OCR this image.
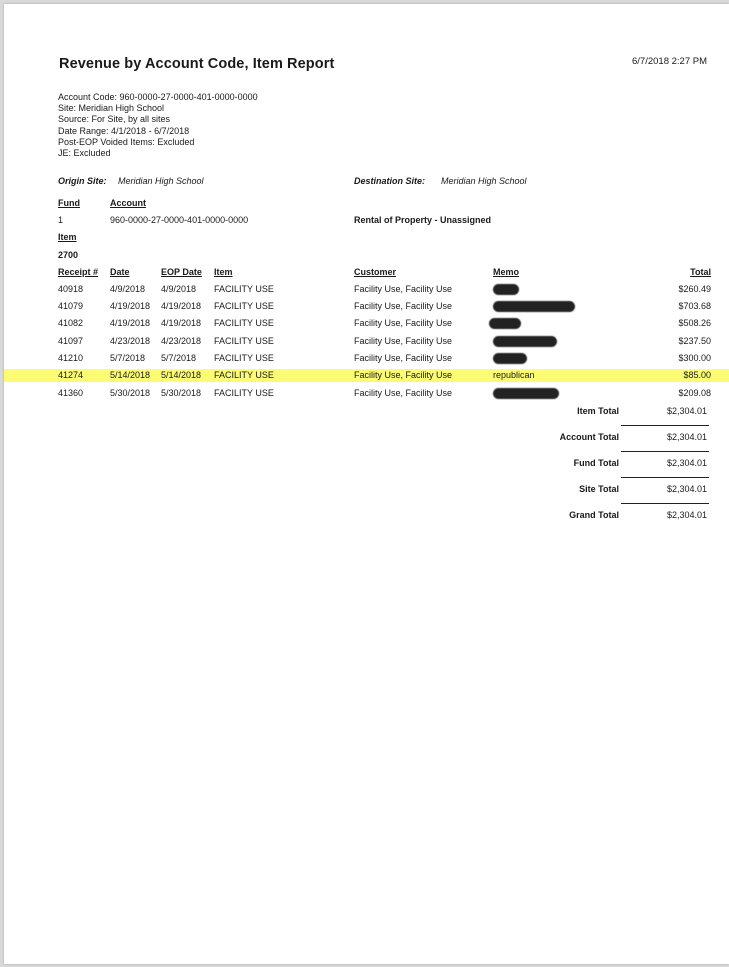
Revenue by Account Code, Item Report	6/7/2018 2:27 PM
Account Code: 960-0000-27-0000-401-0000-0000
Site: Meridian High School
Source: For Site, by all sites
Date Range: 4/1/2018 - 6/7/2018
Post-EOP Voided Items: Excluded
JE: Excluded
Origin Site: Meridian High School	Destination Site: Meridian High School
Fund	Account
1	960-0000-27-0000-401-0000-0000	Rental of Property - Unassigned
Item
2700
Receipt # Date	EOP Date Item	Customer	Memo	Total
40918	4/9/2018 4/9/2018 FACILITY USE	Facility Use, Facility Use	$260.49
41079	4/19/2018 4/19/2018 FACILITY USE	Facility Use, Facility Use	$703.68
41082	4/19/2018 4/19/2018 FACILITY USE	Facility Use, Facility Use	$508.26
41097	4/23/2018 4/23/2018 FACILITY USE	Facility Use, Facility Use	$237.50
41210	5/7/2018 5/7/2018 FACILITY USE	Facility Use, Facility Use	$300.00
41274	5/14/2018 5/14/2018 FACILITY USE	Facility Use, Facility Use	republican	$85.00
41360	5/30/2018 5/30/2018 FACILITY USE	Facility Use, Facility Use	$209.08
Item Total	$2,304.01
Account Total	$2,304.01
Fund Total	$2,304.01
Site Total	$2,304.01
Grand Total	$2,304.01
